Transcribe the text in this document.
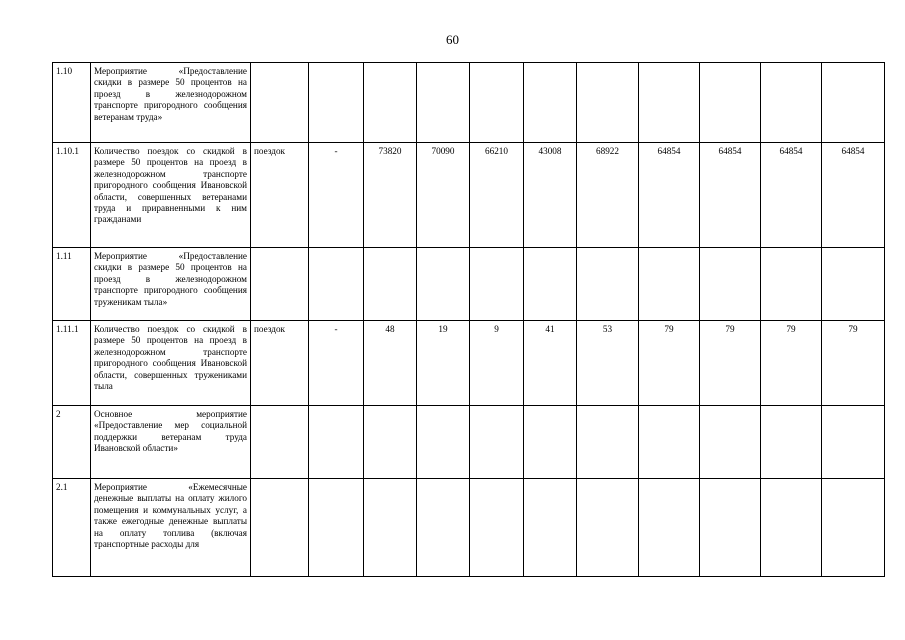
60
1.10	Мероприятие «Предоставление скидки в размере 50 процентов на проезд в железнодорожном транспорте пригородного сообщения ветеранам труда»											
1.10.1	Количество поездок со скидкой в размере 50 процентов на проезд в железнодорожном транспорте пригородного сообщения Ивановской области, совершенных ветеранами труда и приравненными к ним гражданами	поездок	-	73820	70090	66210	43008	68922	64854	64854	64854	64854
1.11	Мероприятие «Предоставление скидки в размере 50 процентов на проезд в железнодорожном транспорте пригородного сообщения труженикам тыла»											
1.11.1	Количество поездок со скидкой в размере 50 процентов на проезд в железнодорожном транспорте пригородного сообщения Ивановской области, совершенных тружениками тыла	поездок	-	48	19	9	41	53	79	79	79	79
2	Основное мероприятие «Предоставление мер социальной поддержки ветеранам труда Ивановской области»											
2.1	Мероприятие «Ежемесячные денежные выплаты на оплату жилого помещения и коммунальных услуг, а также ежегодные денежные выплаты на оплату топлива (включая транспортные расходы для											
